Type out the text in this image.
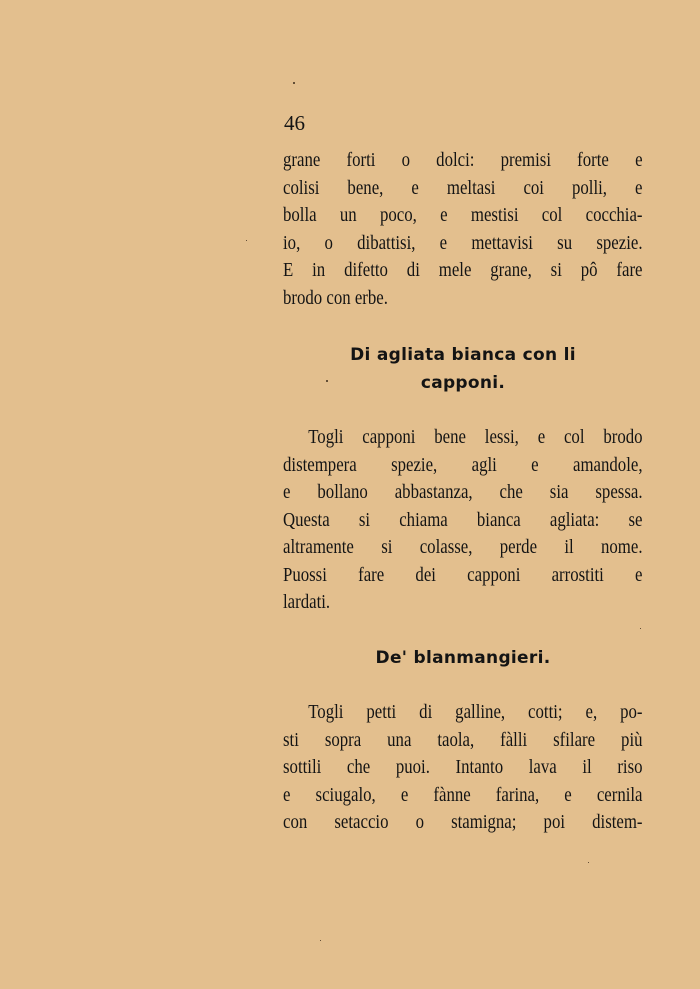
46
grane forti o dolci: premisi forte e
colisi bene, e meltasi coi polli, e
bolla un poco, e mestisi col cocchia-
io, o dibattisi, e mettavisi su spezie.
E in difetto di mele grane, si pô fare
brodo con erbe.
Di agliata bianca con li
capponi.
Togli capponi bene lessi, e col brodo
distempera spezie, agli e amandole,
e bollano abbastanza, che sia spessa.
Questa si chiama bianca agliata: se
altramente si colasse, perde il nome.
Puossi fare dei capponi arrostiti e
lardati.
De' blanmangieri.
Togli petti di galline, cotti; e, po-
sti sopra una taola, fàlli sfilare più
sottili che puoi. Intanto lava il riso
e sciugalo, e fànne farina, e cernila
con setaccio o stamigna; poi distem-
